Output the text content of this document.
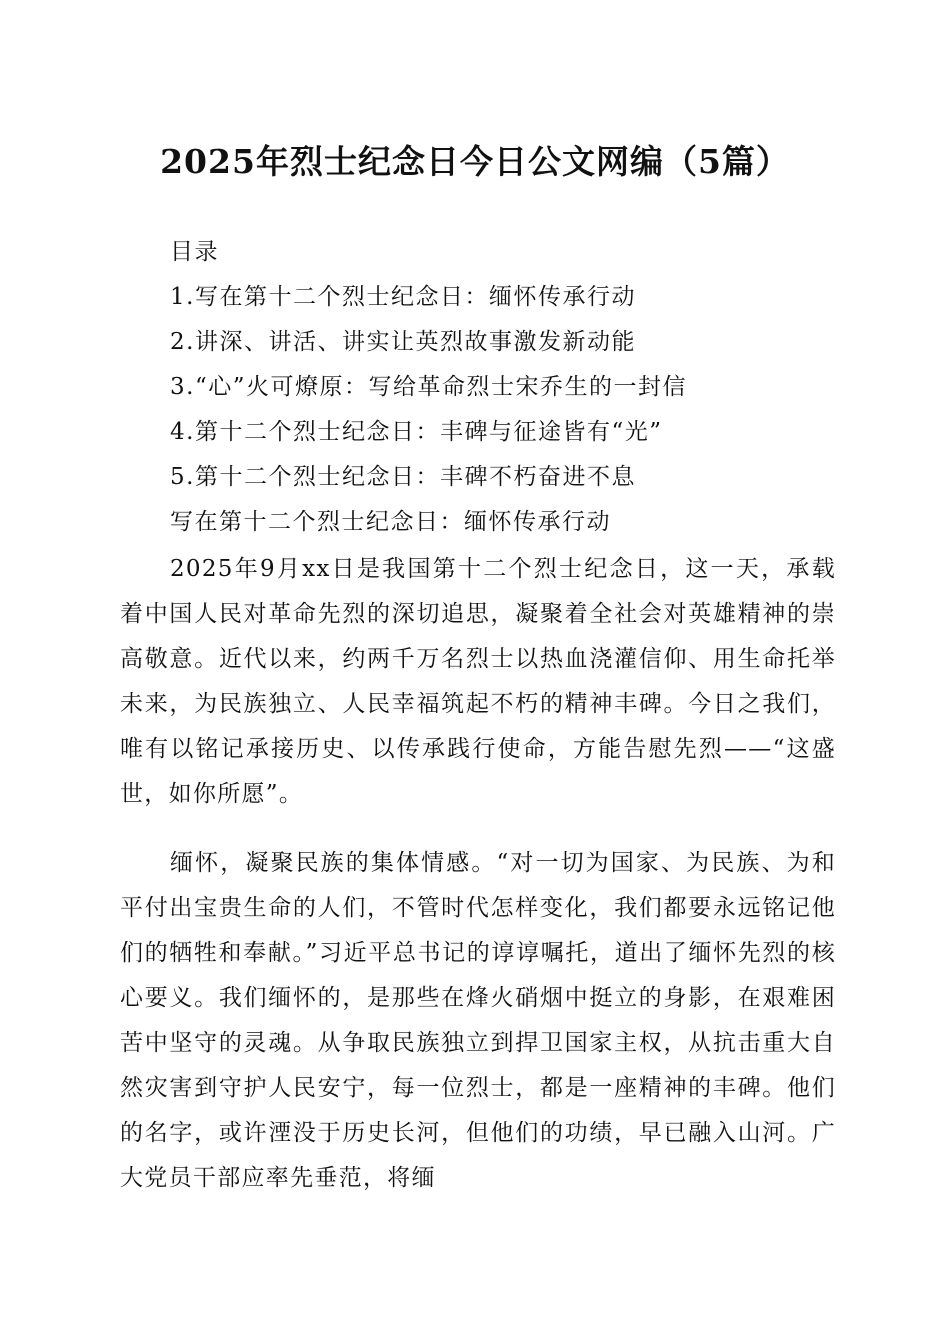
2025年烈士纪念日今日公文网编（5篇）
目录
1.写在第十二个烈士纪念日：缅怀传承行动
2.讲深、讲活、讲实让英烈故事激发新动能
3.“心”火可燎原：写给革命烈士宋乔生的一封信
4.第十二个烈士纪念日：丰碑与征途皆有“光”
5.第十二个烈士纪念日：丰碑不朽奋进不息
写在第十二个烈士纪念日：缅怀传承行动

2025年9月xx日是我国第十二个烈士纪念日，这一天，承载着中国人民对革命先烈的深切追思，凝聚着全社会对英雄精神的崇高敬意。近代以来，约两千万名烈士以热血浇灌信仰、用生命托举未来，为民族独立、人民幸福筑起不朽的精神丰碑。今日之我们，唯有以铭记承接历史、以传承践行使命，方能告慰先烈——“这盛世，如你所愿”。

缅怀，凝聚民族的集体情感。“对一切为国家、为民族、为和平付出宝贵生命的人们，不管时代怎样变化，我们都要永远铭记他们的牺牲和奉献。”习近平总书记的谆谆嘱托，道出了缅怀先烈的核心要义。我们缅怀的，是那些在烽火硝烟中挺立的身影，在艰难困苦中坚守的灵魂。从争取民族独立到捍卫国家主权，从抗击重大自然灾害到守护人民安宁，每一位烈士，都是一座精神的丰碑。他们的名字，或许湮没于历史长河，但他们的功绩，早已融入山河。广大党员干部应率先垂范，将缅
